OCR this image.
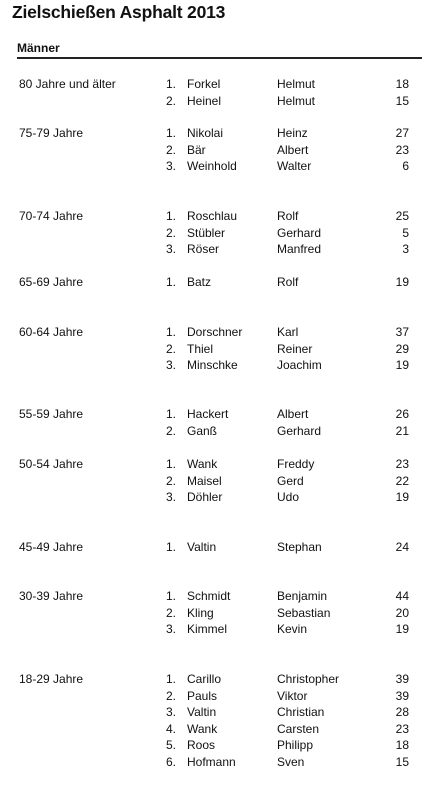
Zielschießen Asphalt 2013
Männer
80 Jahre und älter	1. Forkel	Helmut	18
2. Heinel	Helmut	15
75-79 Jahre	1. Nikolai	Heinz	27
2. Bär	Albert	23
3. Weinhold	Walter	6
70-74 Jahre	1. Roschlau	Rolf	25
2. Stübler	Gerhard	5
3. Röser	Manfred	3
65-69 Jahre	1. Batz	Rolf	19
60-64 Jahre	1. Dorschner	Karl	37
2. Thiel	Reiner	29
3. Minschke	Joachim	19
55-59 Jahre	1. Hackert	Albert	26
2. Ganß	Gerhard	21
50-54 Jahre	1. Wank	Freddy	23
2. Maisel	Gerd	22
3. Döhler	Udo	19
45-49 Jahre	1. Valtin	Stephan	24
30-39 Jahre	1. Schmidt	Benjamin	44
2. Kling	Sebastian	20
3. Kimmel	Kevin	19
18-29 Jahre	1. Carillo	Christopher	39
2. Pauls	Viktor	39
3. Valtin	Christian	28
4. Wank	Carsten	23
5. Roos	Philipp	18
6. Hofmann	Sven	15
